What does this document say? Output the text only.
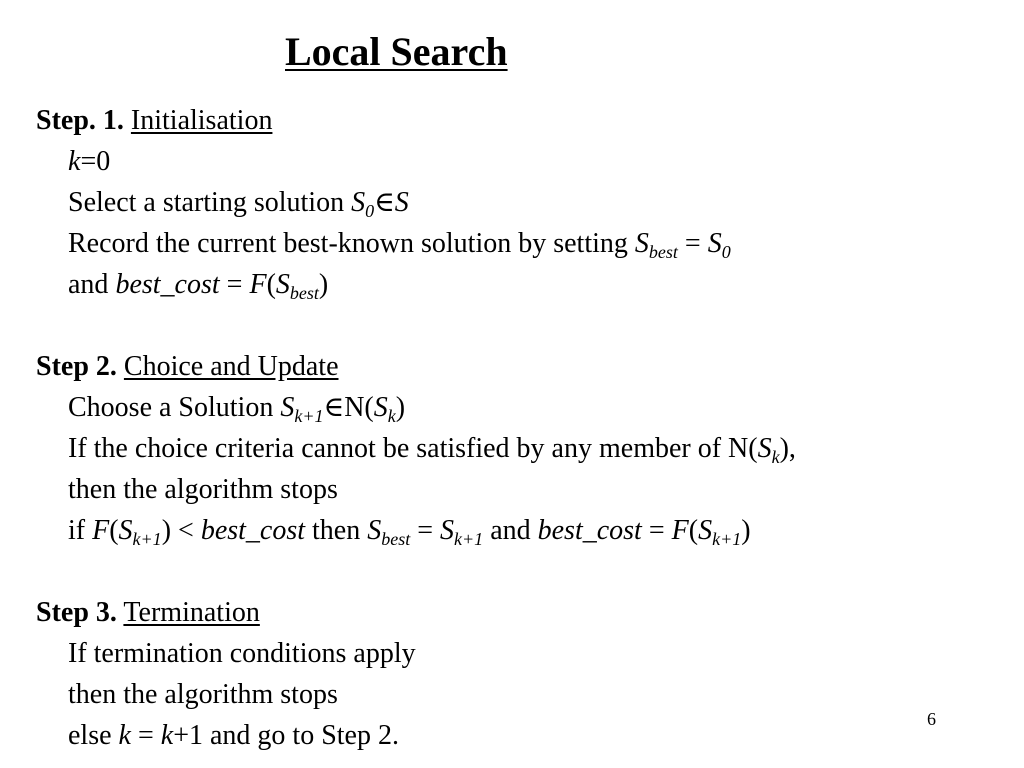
Local Search
Step. 1. Initialisation
k=0
Select a starting solution $S_0\in S$
Record the current best-known solution by setting $S_{best} = S_0$
and best_cost = $F(S_{best})$
Step 2. Choice and Update
Choose a Solution $S_{k+1}\in N(S_k)$
If the choice criteria cannot be satisfied by any member of $N(S_k)$,
then the algorithm stops
if $F(S_{k+1})$ < best_cost then $S_{best} = S_{k+1}$ and best_cost = $F(S_{k+1})$
Step 3. Termination
If termination conditions apply
then the algorithm stops
else k = k+1 and go to Step 2.
6
